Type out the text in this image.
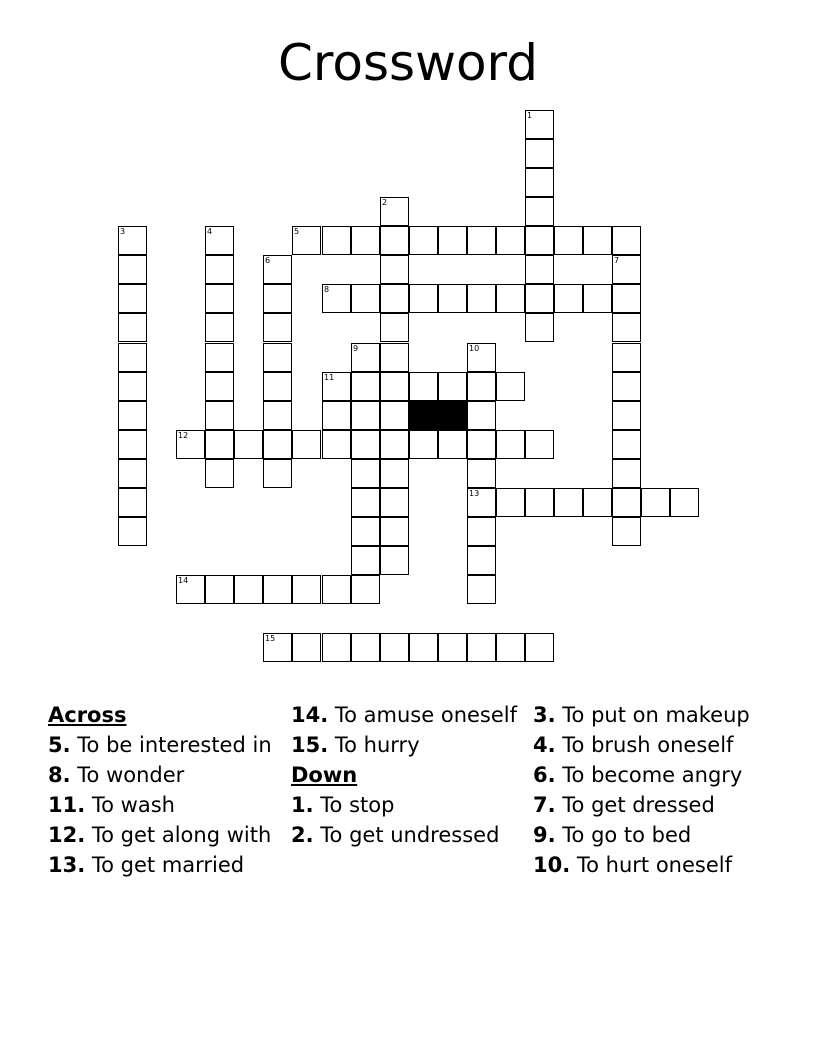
Crossword
1
2
3	4	5
6	7
8
9	10
13
11
12
14
15
Across
5. To be interested in
8. To wonder
11. To wash
12. To get along with
13. To get married
14. To amuse oneself
15. To hurry
Down
1. To stop
2. To get undressed
3. To put on makeup
4. To brush oneself
6. To become angry
7. To get dressed
9. To go to bed
10. To hurt oneself
